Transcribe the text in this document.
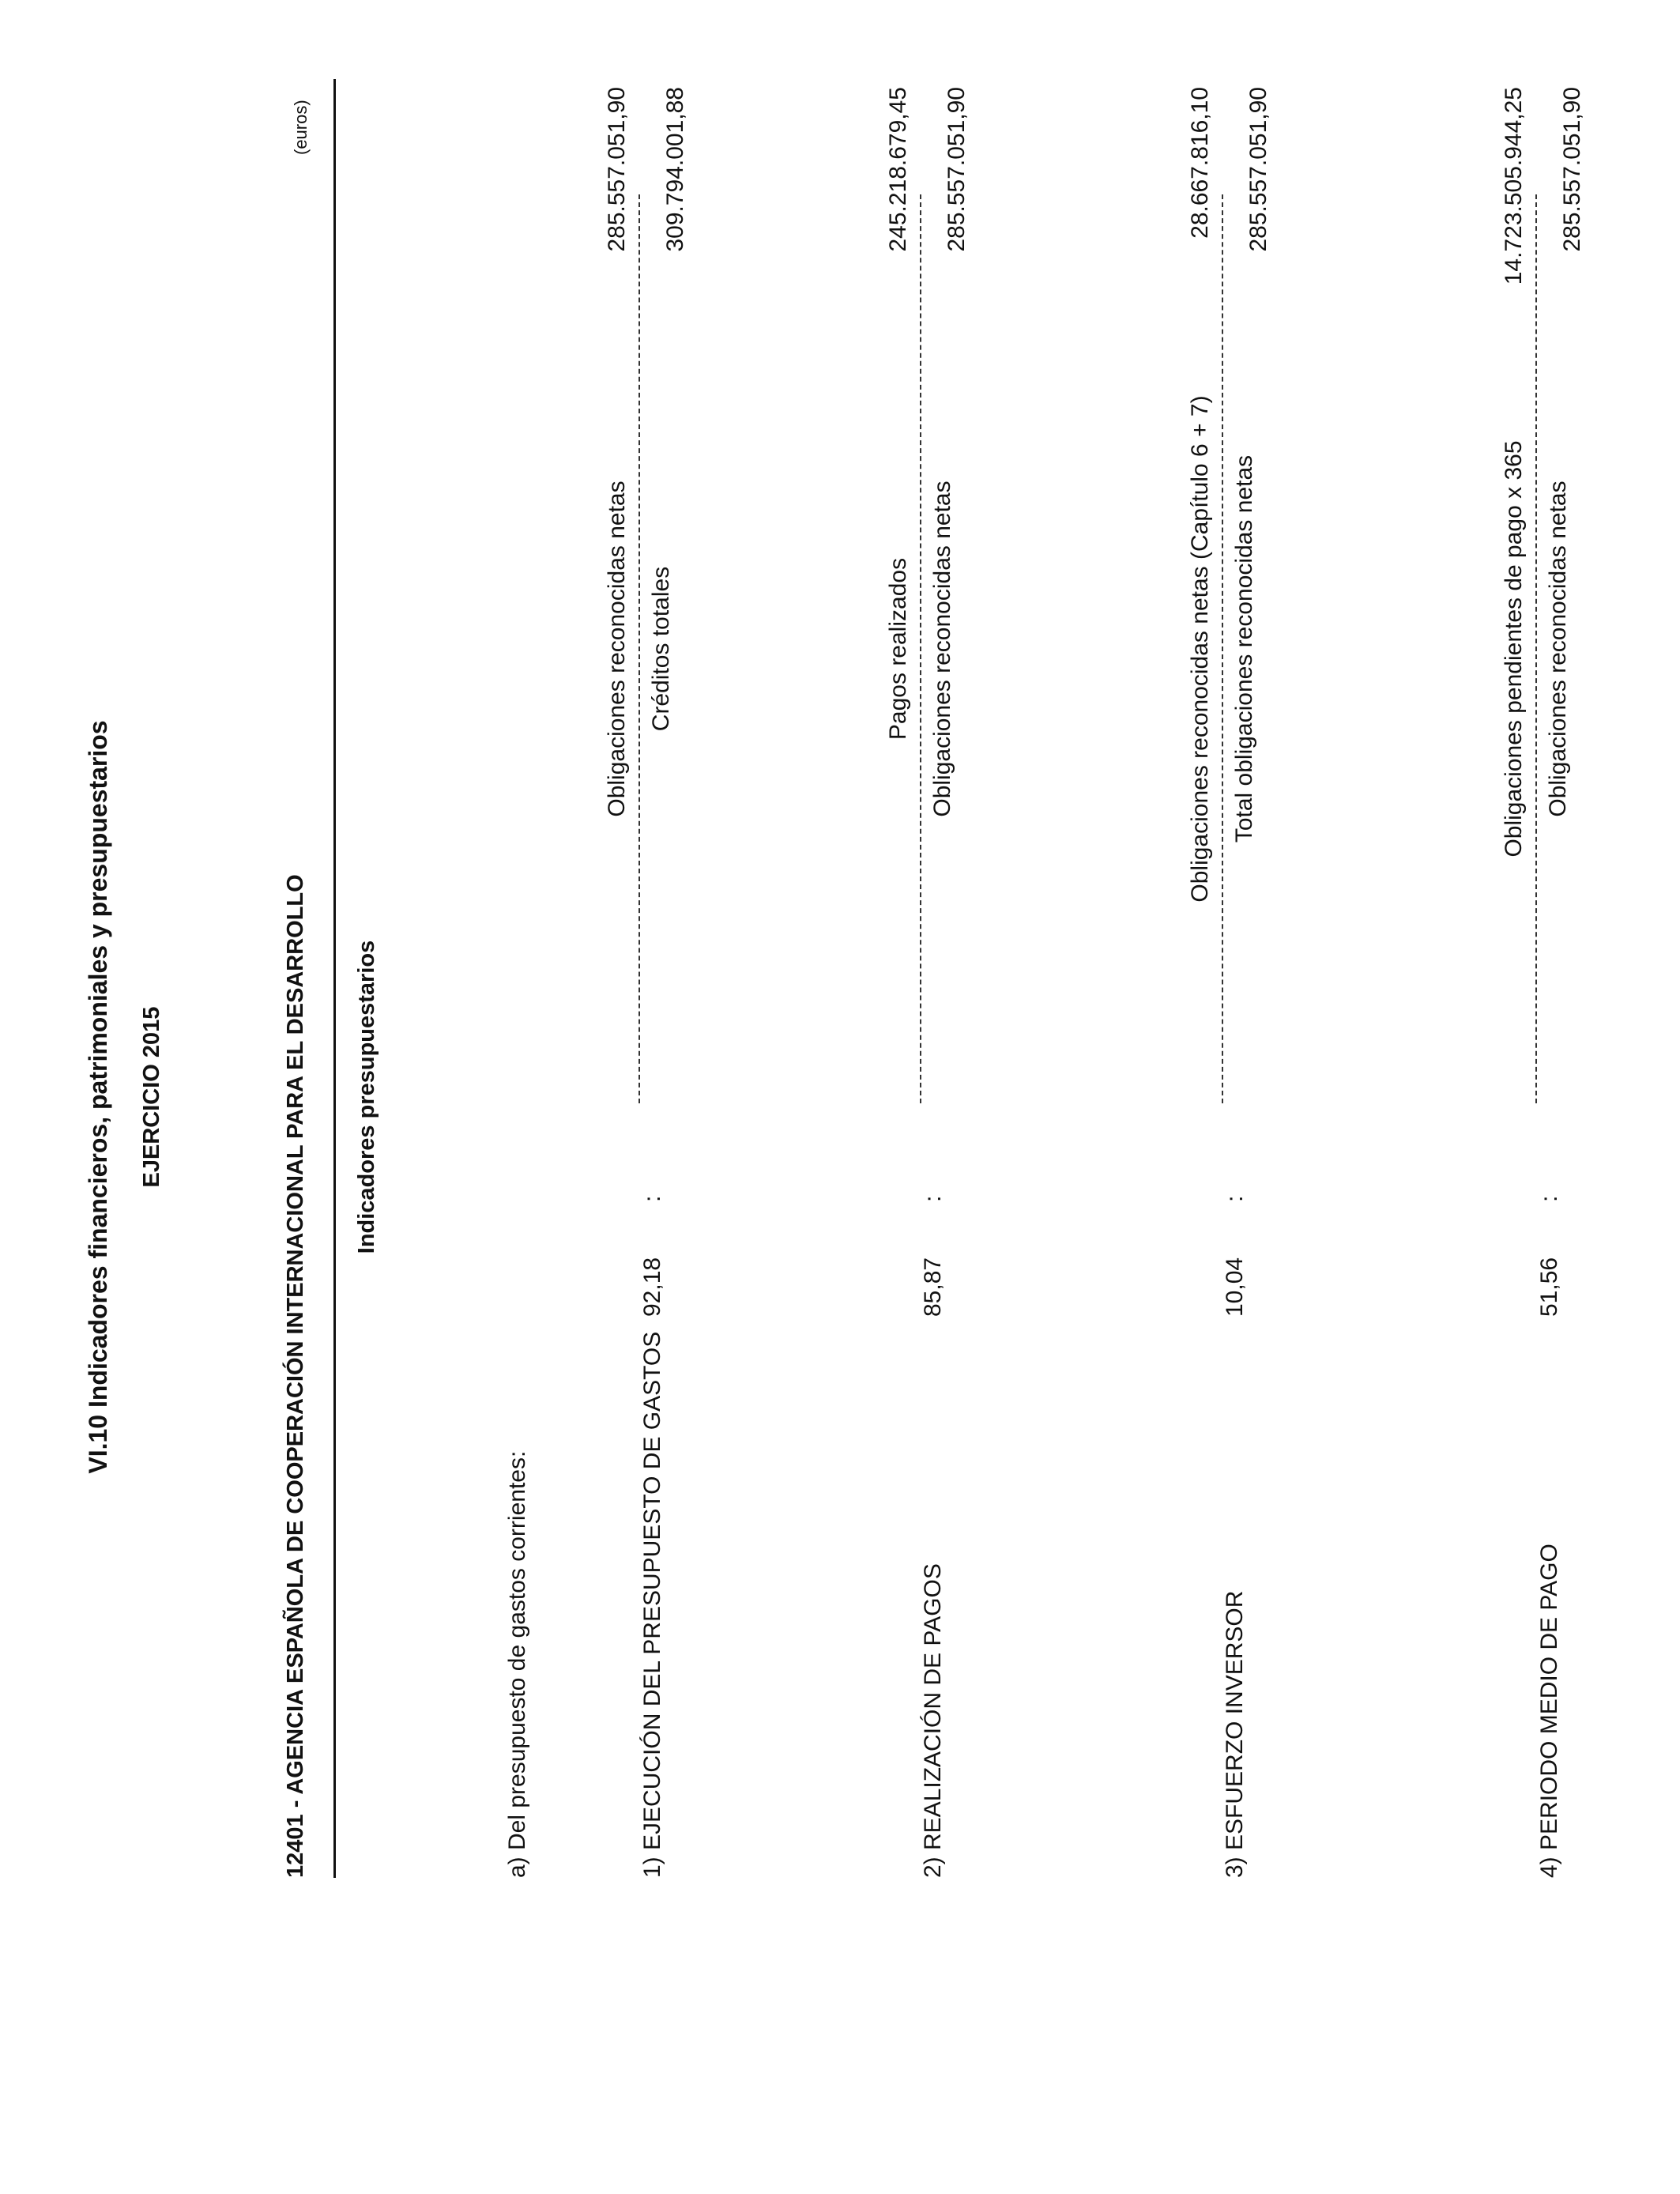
VI.10 Indicadores financieros, patrimoniales y presupuestarios EJERCICIO 2015	12401 - AGENCIA ESPAÑOLA DE COOPERACIÓN INTERNACIONAL PARA EL DESARROLLO
(euros)
Indicadores presupuestarios
a) Del presupuesto de gastos corrientes:	1) EJECUCIÓN DEL PRESUPUESTO DE GASTOS
92,18
:
Obligaciones reconocidas netas Créditos totales
285.557.051,90 309.794.001,88
2) REALIZACIÓN DE PAGOS
85,87
:
Pagos realizados Obligaciones reconocidas netas
245.218.679,45 285.557.051,90
3) ESFUERZO INVERSOR
10,04
:
Obligaciones reconocidas netas (Capítulo 6 + 7) Total obligaciones reconocidas netas
28.667.816,10 285.557.051,90
4) PERIODO MEDIO DE PAGO
51,56
:
Obligaciones pendientes de pago x 365 Obligaciones reconocidas netas
14.723.505.944,25 285.557.051,90
